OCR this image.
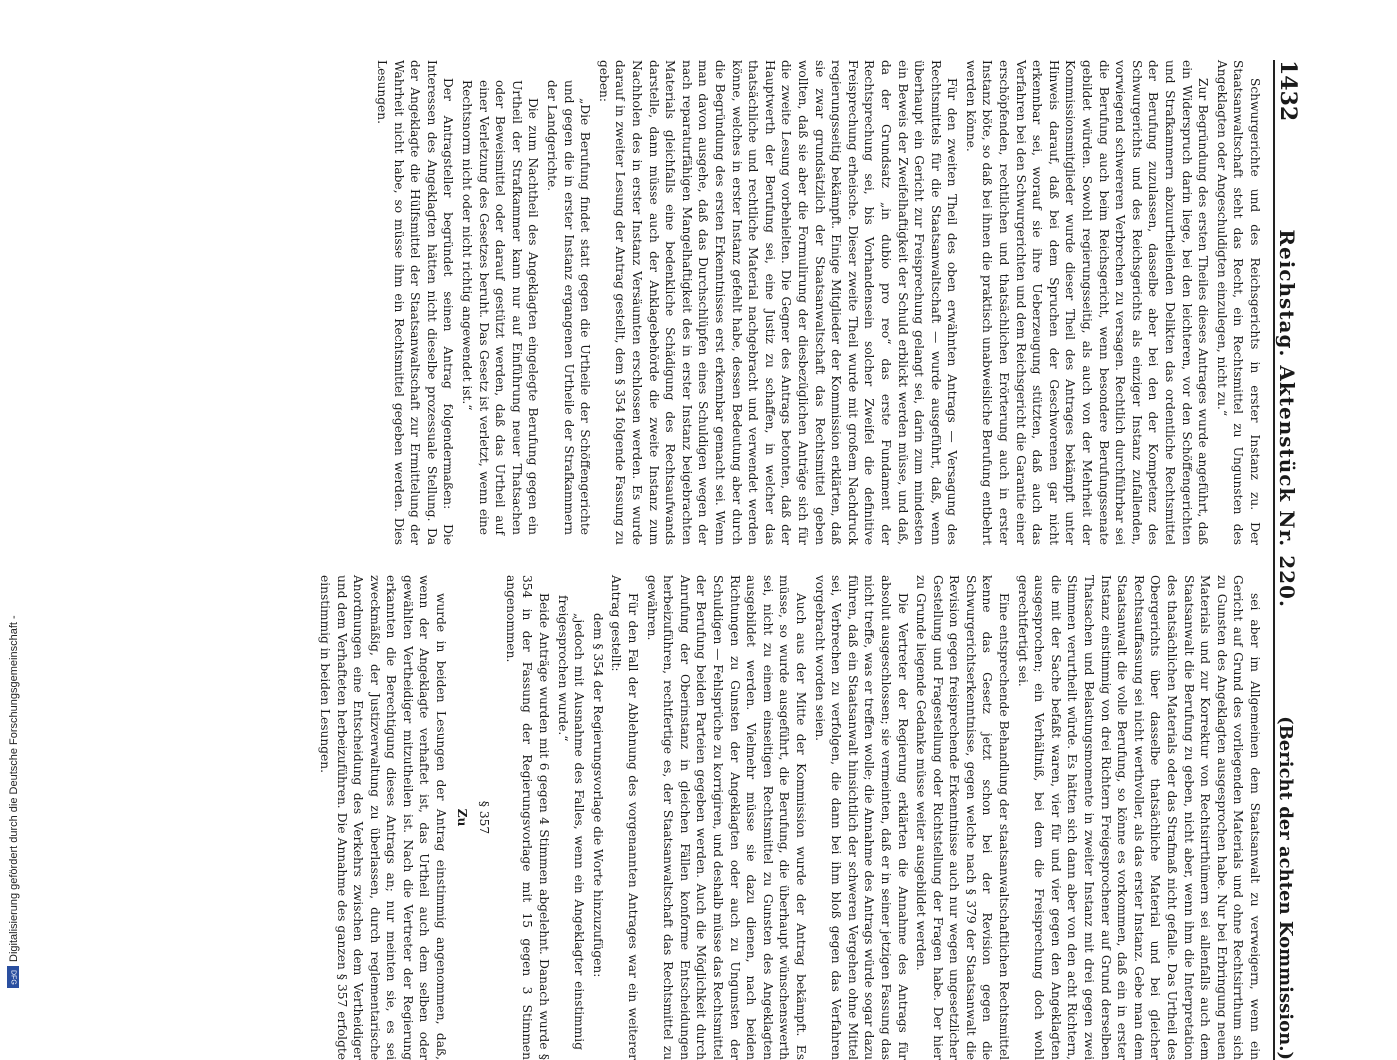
1432
Reichstag. Aktenstück Nr. 220.
(Bericht der achten Kommission.)

Schwurgerichte und des Reichsgerichts in erster Instanz zu. Der Staatsanwaltschaft steht das Recht, ein Rechtsmittel zu Ungunsten des Angeklagten oder Angeschuldigten einzulegen, nicht zu.“

Zur Begründung des ersten Theiles dieses Antrages wurde angeführt, daß ein Widerspruch darin liege, bei den leichteren, vor den Schöffengerichten und Strafkammern abzuurtheilenden Delikten das ordentliche Rechtsmittel der Berufung zuzulassen, dasselbe aber bei den der Kompetenz des Schwurgerichts und des Reichsgerichts als einziger Instanz zufallenden, vorwiegend schwereren Verbrechen zu versagen. Rechtlich durchführbar sei die Berufung auch beim Reichsgericht, wenn besondere Berufungssenate gebildet würden. Sowohl regierungsseitig, als auch von der Mehrheit der Kommissionsmitglieder wurde dieser Theil des Antrages bekämpft unter Hinweis darauf, daß bei dem Spruchen der Geschworenen gar nicht erkennbar sei, worauf sie ihre Ueberzeugung stützten, daß auch das Verfahren bei den Schwurgerichten und dem Reichsgericht die Garantie einer erschöpfenden, rechtlichen und thatsächlichen Erörterung auch in erster Instanz böte, so daß bei ihnen die praktisch unabweisliche Berufung entbehrt werden könne.

Für den zweiten Theil des oben erwähnten Antrags — Versagung des Rechtsmittels für die Staatsanwaltschaft — wurde ausgeführt, daß, wenn überhaupt ein Gericht zur Freisprechung gelangt sei, darin zum mindesten ein Beweis der Zweifelhaftigkeit der Schuld erblickt werden müsse, und daß, da der Grundsatz „in dubio pro reo“ das erste Fundament der Rechtsprechung sei, bis Vorhandensein solcher Zweifel die definitive Freisprechung erheische. Dieser zweite Theil wurde mit großem Nachdruck regierungsseitig bekämpft. Einige Mitglieder der Kommission erklärten, daß sie zwar grundsätzlich der Staatsanwaltschaft das Rechtsmittel geben wollten, daß sie aber die Formulirung der diesbezüglichen Anträge sich für die zweite Lesung vorbehielten. Die Gegner des Antrags betonten, daß der Hauptwerth der Berufung sei, eine Justiz zu schaffen, in welcher das thatsächliche und rechtliche Material nachgebracht und verwendet werden könne, welches in erster Instanz gefehlt habe, dessen Bedeutung aber durch die Begründung des ersten Erkenntnisses erst erkennbar gemacht sei. Wenn man davon ausgehe, daß das Durchschlüpfen eines Schuldigen wegen der nach reparaturfähigen Mangelhaftigkeit des in erster Instanz beigebrachten Materials gleichfalls eine bedenkliche Schädigung des Rechtsaufwands darstelle, dann müsse auch der Anklagebehörde die zweite Instanz zum Nachholen des in erster Instanz Versäumten erschlossen werden. Es wurde darauf in zweiter Lesung der Antrag gestellt, dem § 354 folgende Fassung zu geben:

„Die Berufung findet statt gegen die Urtheile der Schöffengerichte und gegen die in erster Instanz ergangenen Urtheile der Strafkammern der Landgerichte.

Die zum Nachtheil des Angeklagten eingelegte Berufung gegen ein Urtheil der Strafkammer kann nur auf Einführung neuer Thatsachen oder Beweismittel oder darauf gestützt werden, daß das Urtheil auf einer Verletzung des Gesetzes beruht. Das Gesetz ist verletzt, wenn eine Rechtsnorm nicht oder nicht richtig angewendet ist.“

Der Antragsteller begründet seinen Antrag folgendermaßen: Die Interessen des Angeklagten hätten nicht dieselbe prozessuale Stellung. Da der Angeklagte die Hülfsmittel der Staatsanwaltschaft zur Ermittelung der Wahrheit nicht habe, so müsse ihm ein Rechtsmittel gegeben werden. Dies Lesungen.

sei aber im Allgemeinen dem Staatsanwalt zu verweigern, wenn ein Gericht auf Grund des vorliegenden Materials und ohne Rechtsirrthum sich zu Gunsten des Angeklagten ausgesprochen habe. Nur bei Erbringung neuen Materials und zur Korrektur von Rechtsirrthümern sei allenfalls auch dem Staatsanwalt die Berufung zu geben, nicht aber, wenn ihm die Interpretation des thatsächlichen Materials oder das Strafmaß nicht gefalle. Das Urtheil des Obergerichts über dasselbe thatsächliche Material und bei gleicher Rechtsauffassung sei nicht werthvoller, als das erster Instanz. Gebe man dem Staatsanwalt die volle Berufung, so könne es vorkommen, daß ein in erster Instanz einstimmig von drei Richtern Freigesprochener auf Grund derselben Thatsachen und Belastungsmomente in zweiter Instanz mit drei gegen zwei Stimmen verurtheilt würde. Es hätten sich dann aber von den acht Richtern, die mit der Sache befaßt waren, vier für und vier gegen den Angeklagten ausgesprochen; ein Verhältniß, bei dem die Freisprechung doch wohl gerechtfertigt sei.

Eine entsprechende Behandlung der staatsanwaltschaftlichen Rechtsmittel kenne das Gesetz jetzt schon bei der Revision gegen die Schwurgerichtserkenntnisse, gegen welche nach § 379 der Staatsanwalt die Revision gegen freisprechende Erkenntnisse auch nur wegen ungesetzlicher Gestellung und Fragestellung oder Richtstellung der Fragen habe. Der hier zu Grunde liegende Gedanke müsse weiter ausgebildet werden.

Die Vertreter der Regierung erklärten die Annahme des Antrags für absolut ausgeschlossen; sie vermeinten, daß er in seiner jetzigen Fassung das nicht treffe, was er treffen wolle; die Annahme des Antrags würde sogar dazu führen, daß ein Staatsanwalt hinsichtlich der schweren Vergehen ohne Mittel sei, Verbrechen zu verfolgen, die dann bei ihm bloß gegen das Verfahren vorgebracht worden seien.

Auch aus der Mitte der Kommission wurde der Antrag bekämpft. Es müsse, so wurde ausgeführt, die Berufung, die überhaupt wünschenswerth sei, nicht zu einem einseitigen Rechtsmittel zu Gunsten des Angeklagten ausgebildet werden. Vielmehr müsse sie dazu dienen, nach beiden Richtungen zu Gunsten der Angeklagten oder auch zu Ungunsten der Schuldigen — Fehlsprüche zu korrigiren, und deshalb müsse das Rechtsmittel der Berufung beiden Parteien gegeben werden. Auch die Möglichkeit durch Anrufung der Oberinstanz in gleichen Fällen konforme Entscheidungen herbeizuführen, rechtfertige es, der Staatsanwaltschaft das Rechtsmittel zu gewähren.

Für den Fall der Ablehnung des vorgenannten Antrages war ein weiterer Antrag gestellt:

dem § 354 der Regierungsvorlage die Worte hinzuzufügen:

„jedoch mit Ausnahme des Falles, wenn ein Angeklagter einstimmig freigesprochen wurde.“

Beide Anträge wurden mit 6 gegen 4 Stimmen abgelehnt. Danach wurde § 354 in der Fassung der Regierungsvorlage mit 15 gegen 3 Stimmen angenommen.

§ 357

Zu

wurde in beiden Lesungen der Antrag einstimmig angenommen, daß, wenn der Angeklagte verhaftet ist, das Urtheil auch dem selben oder gewählten Vertheidiger mitzutheilen ist. Nach die Vertreter der Regierung erkannten die Berechtigung dieses Antrags an; nur meinten sie, es sei zweckmäßig, der Justizverwaltung zu überlassen, durch reglementarische Anordnungen eine Entscheidung des Verkehrs zwischen dem Vertheidiger und dem Verhafteten herbeizuführen. Die Annahme des ganzen § 357 erfolgte einstimmig in beiden Lesungen.

Digitalisierung gefördert durch die Deutsche Forschungsgemeinschaft -
DFG
